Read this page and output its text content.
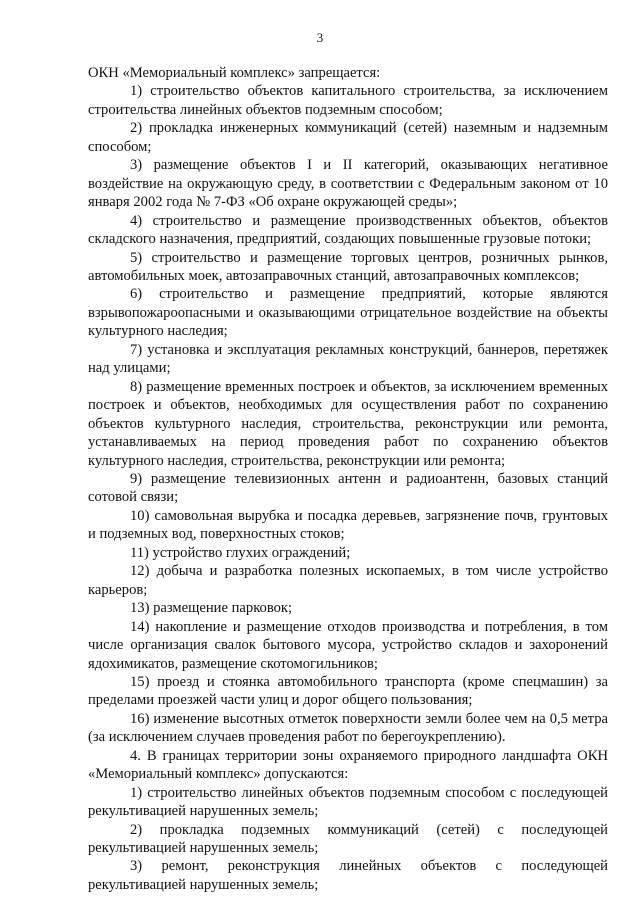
3

ОКН «Мемориальный комплекс» запрещается:

1) строительство объектов капитального строительства, за исключением строительства линейных объектов подземным способом;

2) прокладка инженерных коммуникаций (сетей) наземным и надземным способом;

3) размещение объектов I и II категорий, оказывающих негативное воздействие на окружающую среду, в соответствии с Федеральным законом от 10 января 2002 года № 7-ФЗ «Об охране окружающей среды»;

4) строительство и размещение производственных объектов, объектов складского назначения, предприятий, создающих повышенные грузовые потоки;

5) строительство и размещение торговых центров, розничных рынков, автомобильных моек, автозаправочных станций, автозаправочных комплексов;

6) строительство и размещение предприятий, которые являются взрывопожароопасными и оказывающими отрицательное воздействие на объекты культурного наследия;

7) установка и эксплуатация рекламных конструкций, баннеров, перетяжек над улицами;

8) размещение временных построек и объектов, за исключением временных построек и объектов, необходимых для осуществления работ по сохранению объектов культурного наследия, строительства, реконструкции или ремонта, устанавливаемых на период проведения работ по сохранению объектов культурного наследия, строительства, реконструкции или ремонта;

9) размещение телевизионных антенн и радиоантенн, базовых станций сотовой связи;

10) самовольная вырубка и посадка деревьев, загрязнение почв, грунтовых и подземных вод, поверхностных стоков;

11) устройство глухих ограждений;

12) добыча и разработка полезных ископаемых, в том числе устройство карьеров;

13) размещение парковок;

14) накопление и размещение отходов производства и потребления, в том числе организация свалок бытового мусора, устройство складов и захоронений ядохимикатов, размещение скотомогильников;

15) проезд и стоянка автомобильного транспорта (кроме спецмашин) за пределами проезжей части улиц и дорог общего пользования;

16) изменение высотных отметок поверхности земли более чем на 0,5 метра (за исключением случаев проведения работ по берегоукреплению).

4. В границах территории зоны охраняемого природного ландшафта ОКН «Мемориальный комплекс» допускаются:

1) строительство линейных объектов подземным способом с последующей рекультивацией нарушенных земель;

2) прокладка подземных коммуникаций (сетей) с последующей рекультивацией нарушенных земель;

3) ремонт, реконструкция линейных объектов с последующей рекультивацией нарушенных земель;
